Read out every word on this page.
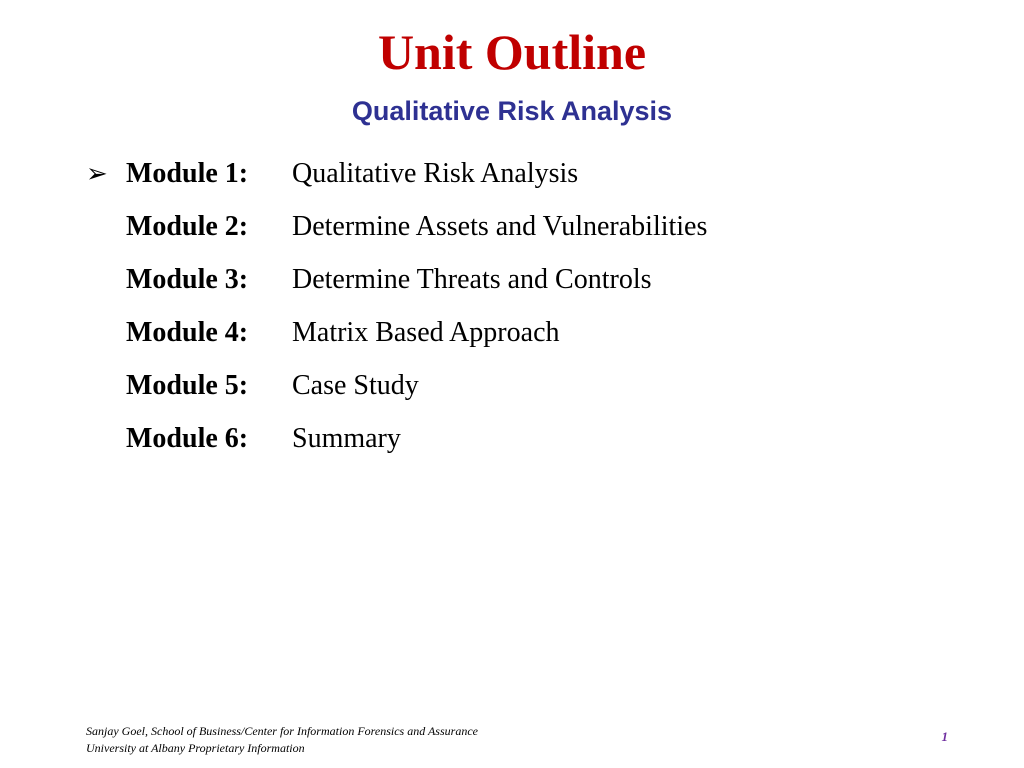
Unit Outline
Qualitative Risk Analysis
➢ Module 1: Qualitative Risk Analysis
Module 2: Determine Assets and Vulnerabilities
Module 3: Determine Threats and Controls
Module 4: Matrix Based Approach
Module 5: Case Study
Module 6: Summary
Sanjay Goel, School of Business/Center for Information Forensics and Assurance
University at Albany Proprietary Information
1
